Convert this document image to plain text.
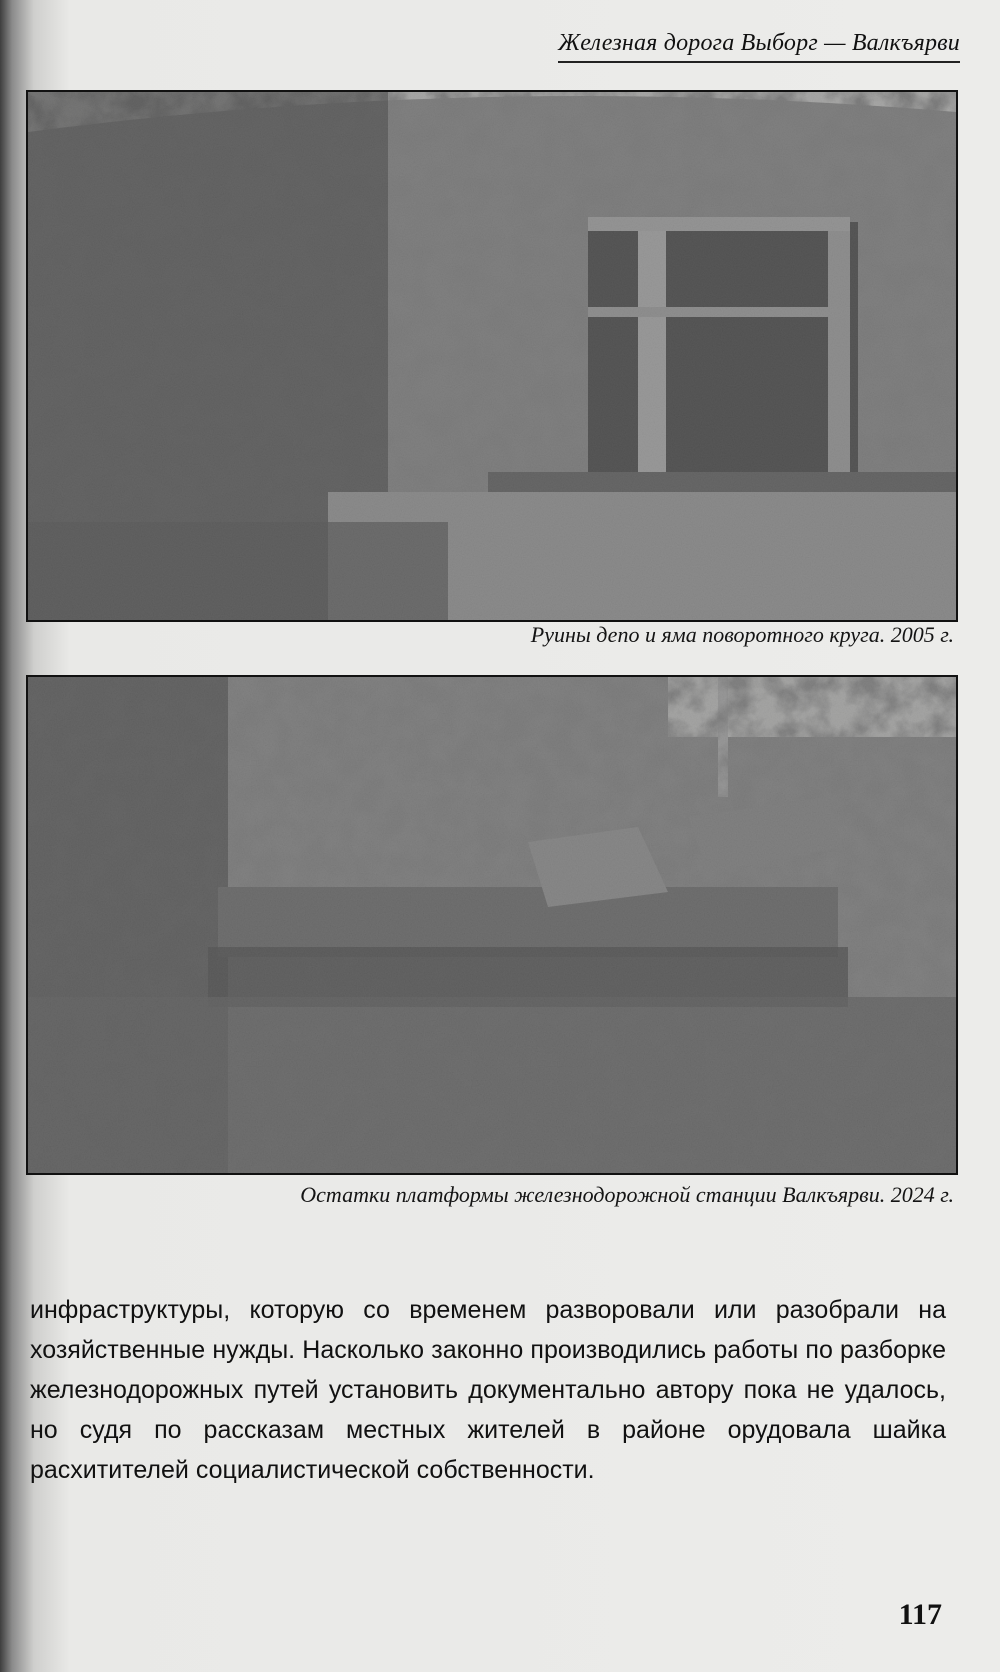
Железная дорога Выборг — Валкъярви
Руины депо и яма поворотного круга. 2005 г.
Остатки платформы железнодорожной станции Валкъярви. 2024 г.
инфраструктуры, которую со временем разворовали или разобрали на хозяйственные нужды. Насколько законно производились работы по разборке железнодорожных путей установить документально автору пока не удалось, но судя по рассказам местных жителей в районе орудовала шайка расхитителей социалистической собственности.
117
